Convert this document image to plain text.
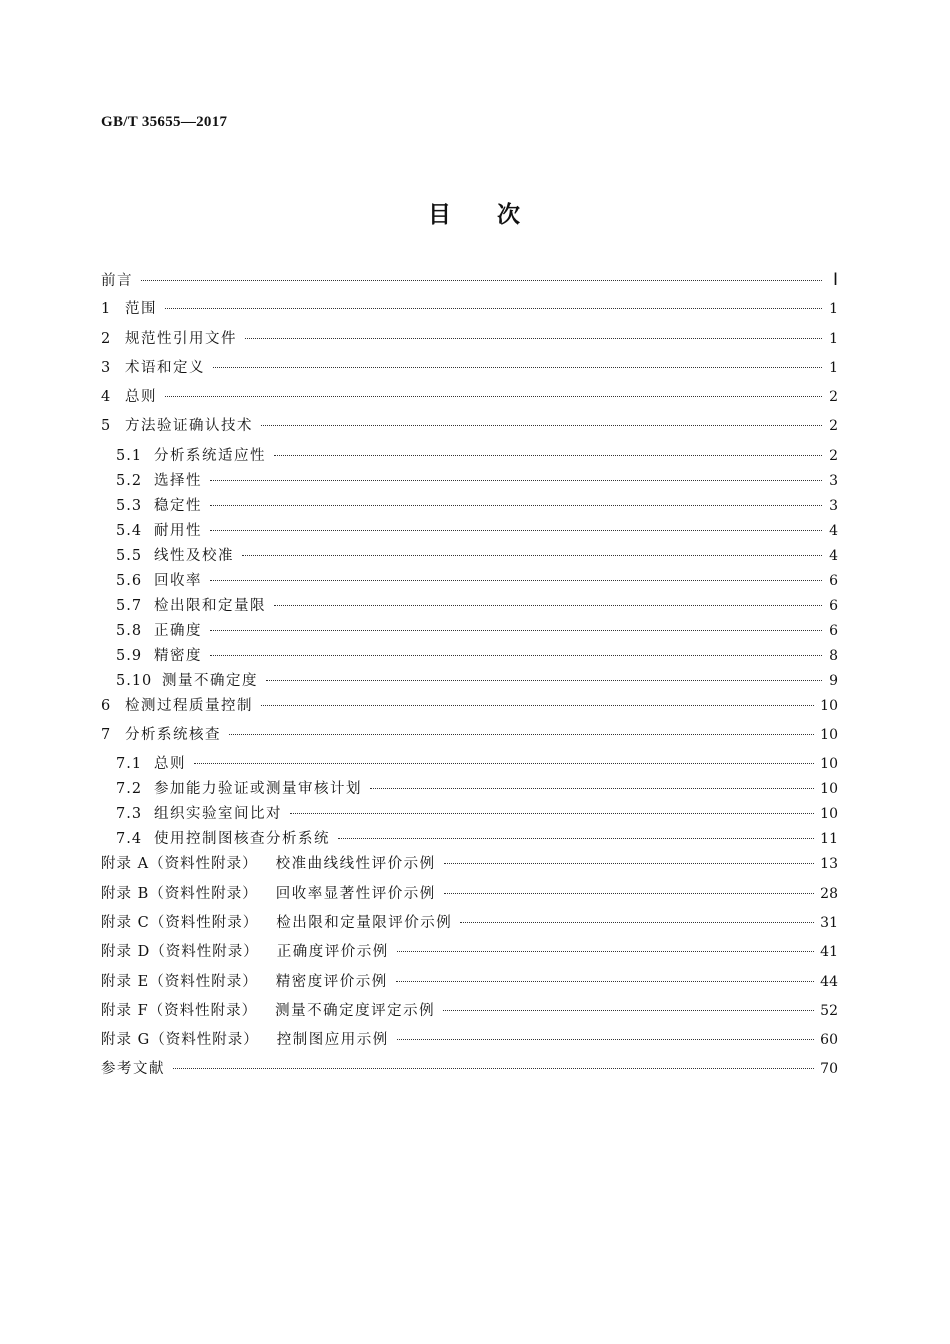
GB/T 35655—2017
目 次
前言	Ⅰ
1 范围	1
2 规范性引用文件	1
3 术语和定义	1
4 总则	2
5 方法验证确认技术	2
5.1 分析系统适应性	2
5.2 选择性	3
5.3 稳定性	3
5.4 耐用性	4
5.5 线性及校准	4
5.6 回收率	6
5.7 检出限和定量限	6
5.8 正确度	6
5.9 精密度	8
5.10 测量不确定度	9
6 检测过程质量控制	10
7 分析系统核查	10
7.1 总则	10
7.2 参加能力验证或测量审核计划	10
7.3 组织实验室间比对	10
7.4 使用控制图核查分析系统	11
附录 A（资料性附录） 校准曲线线性评价示例	13
附录 B（资料性附录） 回收率显著性评价示例	28
附录 C（资料性附录） 检出限和定量限评价示例	31
附录 D（资料性附录） 正确度评价示例	41
附录 E（资料性附录） 精密度评价示例	44
附录 F（资料性附录） 测量不确定度评定示例	52
附录 G（资料性附录） 控制图应用示例	60
参考文献	70
